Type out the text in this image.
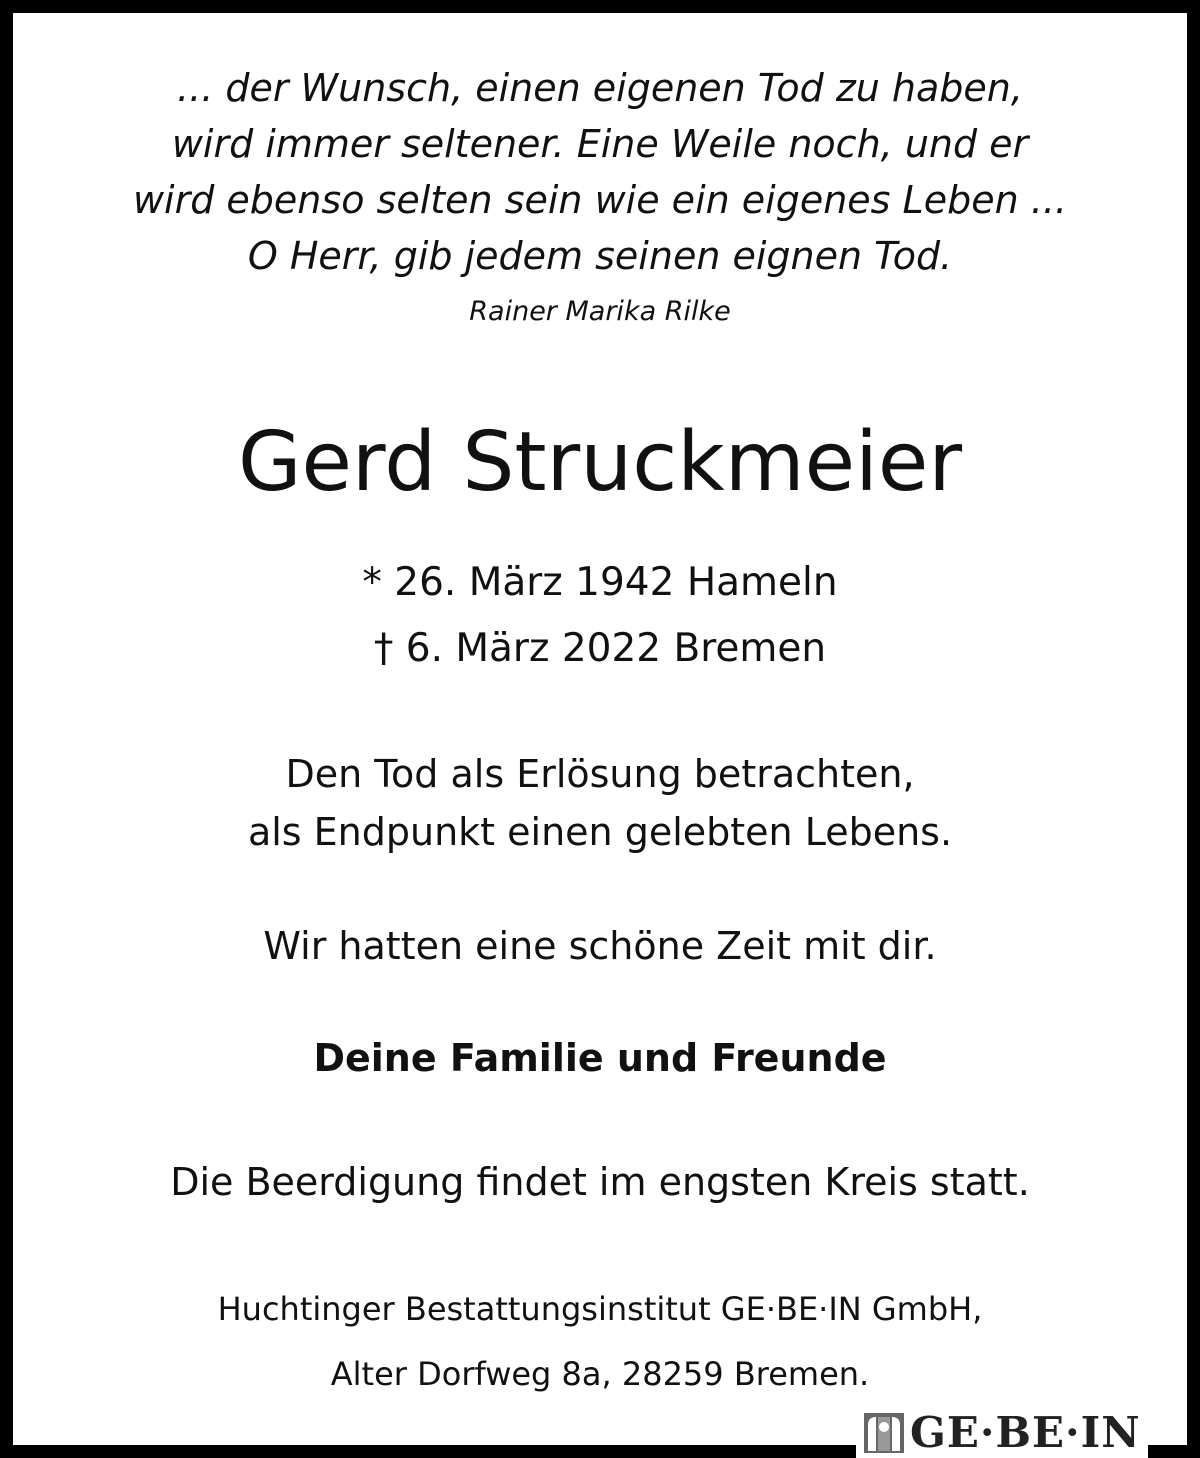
... der Wunsch, einen eigenen Tod zu haben,
wird immer seltener. Eine Weile noch, und er
wird ebenso selten sein wie ein eigenes Leben ...
O Herr, gib jedem seinen eignen Tod.
Rainer Marika Rilke
Gerd Struckmeier
* 26. März 1942 Hameln
† 6. März 2022 Bremen
Den Tod als Erlösung betrachten,
als Endpunkt einen gelebten Lebens.
Wir hatten eine schöne Zeit mit dir.
Deine Familie und Freunde
Die Beerdigung findet im engsten Kreis statt.
Huchtinger Bestattungsinstitut GE·BE·IN GmbH,
Alter Dorfweg 8a, 28259 Bremen.
GE·BE·IN
